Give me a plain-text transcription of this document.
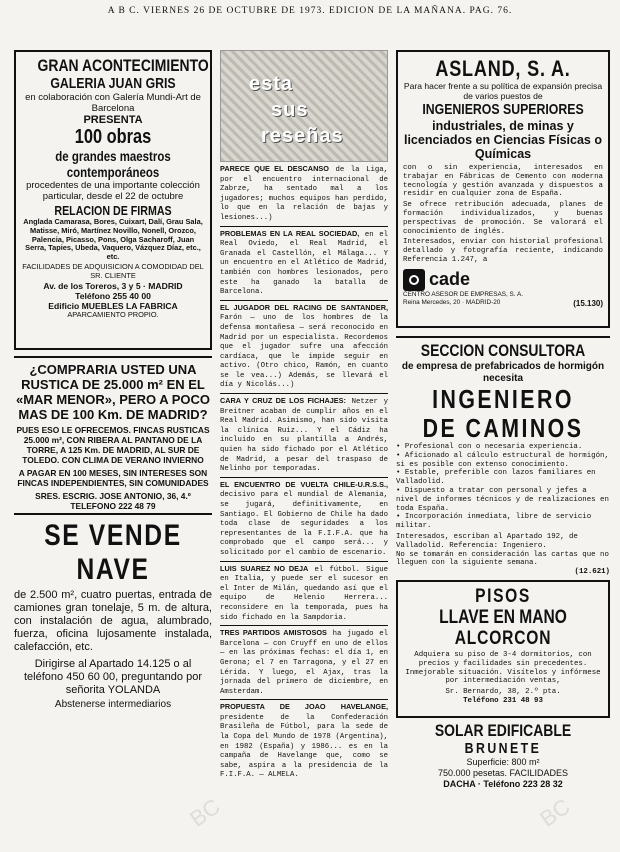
A B C. VIERNES 26 DE OCTUBRE DE 1973. EDICION DE LA MAÑANA. PAG. 76.
GRAN ACONTECIMIENTO
GALERIA JUAN GRIS

en colaboración con Galería Mundi-Art de Barcelona

PRESENTA
100 obras
de grandes maestros
contemporáneos

procedentes de una importante colección particular, desde el 22 de octubre

RELACION DE FIRMAS

Anglada Camarasa, Bores, Cuixart, Dalí, Grau Sala, Matisse, Miró, Martínez Novillo, Nonell, Orozco, Palencia, Picasso, Pons, Olga Sacharoff, Juan Serra, Tapies, Ubeda, Vaquero, Vázquez Díaz, etc., etc.

FACILIDADES DE ADQUISICION A COMODIDAD DEL SR. CLIENTE

Av. de los Toreros, 3 y 5 · MADRID

Teléfono 255 40 00

Edificio MUEBLES LA FABRICA

APARCAMIENTO PROPIO.

¿COMPRARIA USTED UNA RUSTICA DE 25.000 m² EN EL «MAR MENOR», PERO A POCO MAS DE 100 Km. DE MADRID?

PUES ESO LE OFRECEMOS. FINCAS RUSTICAS 25.000 m², CON RIBERA AL PANTANO DE LA TORRE, A 125 Km. DE MADRID, AL SUR DE TOLEDO. CON CLIMA DE VERANO INVIERNO

A PAGAR EN 100 MESES, SIN INTERESES SON FINCAS INDEPENDIENTES, SIN COMUNIDADES

SRES. ESCRIG. JOSE ANTONIO, 36, 4.º TELEFONO 222 48 79

SE VENDE
NAVE

de 2.500 m², cuatro puertas, entrada de camiones gran tonelaje, 5 m. de altura, con instalación de agua, alumbrado, fuerza, oficina lujosamente instalada, calefacción, etc.

Dirigirse al Apartado 14.125 o al teléfono 450 60 00, preguntando por señorita YOLANDA

Abstenerse intermediarios

esta
sus
reseñas
PARECE QUE EL DESCANSO de la Liga, por el encuentro internacional de Zabrze, ha sentado mal a los jugadores; muchos equipos han perdido, lo que en la relación de bajas y lesiones...)
PROBLEMAS EN LA REAL SOCIEDAD, en el Real Oviedo, el Real Madrid, el Granada el Castellón, el Málaga... Y un encuentro en el Atlético de Madrid, también con hombres lesionados, pero este ha ganado la batalla de Barcelona.
EL JUGADOR DEL RACING DE SANTANDER, Farón — uno de los hombres de la defensa montañesa — será reconocido en Madrid por un especialista. Recordemos que el jugador sufre una afección cardíaca, que le impide seguir en activo. (Otro chico, Ramón, en cuanto se le vea...) Además, se llevará el día y Nicolás...)
CARA Y CRUZ DE LOS FICHAJES: Netzer y Breitner acaban de cumplir años en el Real Madrid. Asimismo, han sido visita la clínica Ruiz... Y el Cádiz ha incluido en su plantilla a Andrés, quien ha sido fichado por el Atlético de Madrid, a pesar del traspaso de Nelinho por temporadas.
EL ENCUENTRO DE VUELTA CHILE-U.R.S.S., decisivo para el mundial de Alemania, se jugará, definitivamente, en Santiago. El Gobierno de Chile ha dado toda clase de seguridades a los representantes de la F.I.F.A. que ha comprobado que el campo será... y solicitado por el cambio de escenario.
LUIS SUAREZ NO DEJA el fútbol. Sigue en Italia, y puede ser el sucesor en el Inter de Milán, quedando así que el equipo de Helenio Herrera... reconsidere en la temporada, pues ha sido fichado en la Sampdoria.
TRES PARTIDOS AMISTOSOS ha jugado el Barcelona — con Cruyff en uno de ellos — en las próximas fechas: el día 1, en Gerona; el 7 en Tarragona, y el 27 en Lérida. Y luego, el Ajax, tras la jornada del primero de diciembre, en Amsterdam.
PROPUESTA DE JOAO HAVELANGE, presidente de la Confederación Brasileña de Fútbol, para la sede de la Copa del Mundo de 1978 (Argentina), en 1982 (España) y 1986... es en la campaña de Havelange que, como se sabe, aspira a la presidencia de la F.I.F.A. — ALMELA.
ASLAND, S. A.

Para hacer frente a su política de expansión precisa de varios puestos de

INGENIEROS SUPERIORES

industriales, de minas y licenciados en Ciencias Físicas o Químicas

con o sin experiencia, interesados en trabajar en Fábricas de Cemento con moderna tecnología y gestión avanzada y dispuestos a residir en cualquier zona de España.

Se ofrece retribución adecuada, planes de formación individualizados, y buenas perspectivas de promoción. Se valorará el conocimiento de inglés.

Interesados, enviar con historial profesional detallado y fotografía reciente, indicando Referencia 1.247, a

cade

CENTRO ASESOR DE EMPRESAS, S. A.

Reina Mercedes, 20 · MADRID-20	(15.130)
SECCION CONSULTORA

de empresa de prefabricados de hormigón necesita

INGENIERO
DE CAMINOS

• Profesional con o necesaria experiencia.

• Aficionado al cálculo estructural de hormigón, si es posible con extenso conocimiento.

• Estable, preferible con lazos familiares en Valladolid.

• Dispuesto a tratar con personal y jefes a nivel de informes técnicos y de realizaciones en toda España.

• Incorporación inmediata, libre de servicio militar.

Interesados, escriban al Apartado 192, de Valladolid. Referencia: Ingeniero.

No se tomarán en consideración las cartas que no lleguen con la siguiente semana.

(12.621)

PISOS
LLAVE EN MANO
ALCORCON

Adquiera su piso de 3-4 dormitorios, con precios y facilidades sin precedentes.

Inmejorable situación. Visítelos y infórmese por intermediación ventas,

Sr. Bernardo, 38, 2.º pta.

Teléfono 231 48 93

SOLAR EDIFICABLE
BRUNETE

Superficie: 800 m²

750.000 pesetas. FACILIDADES

DACHA · Teléfono 223 28 32

BC
BC
